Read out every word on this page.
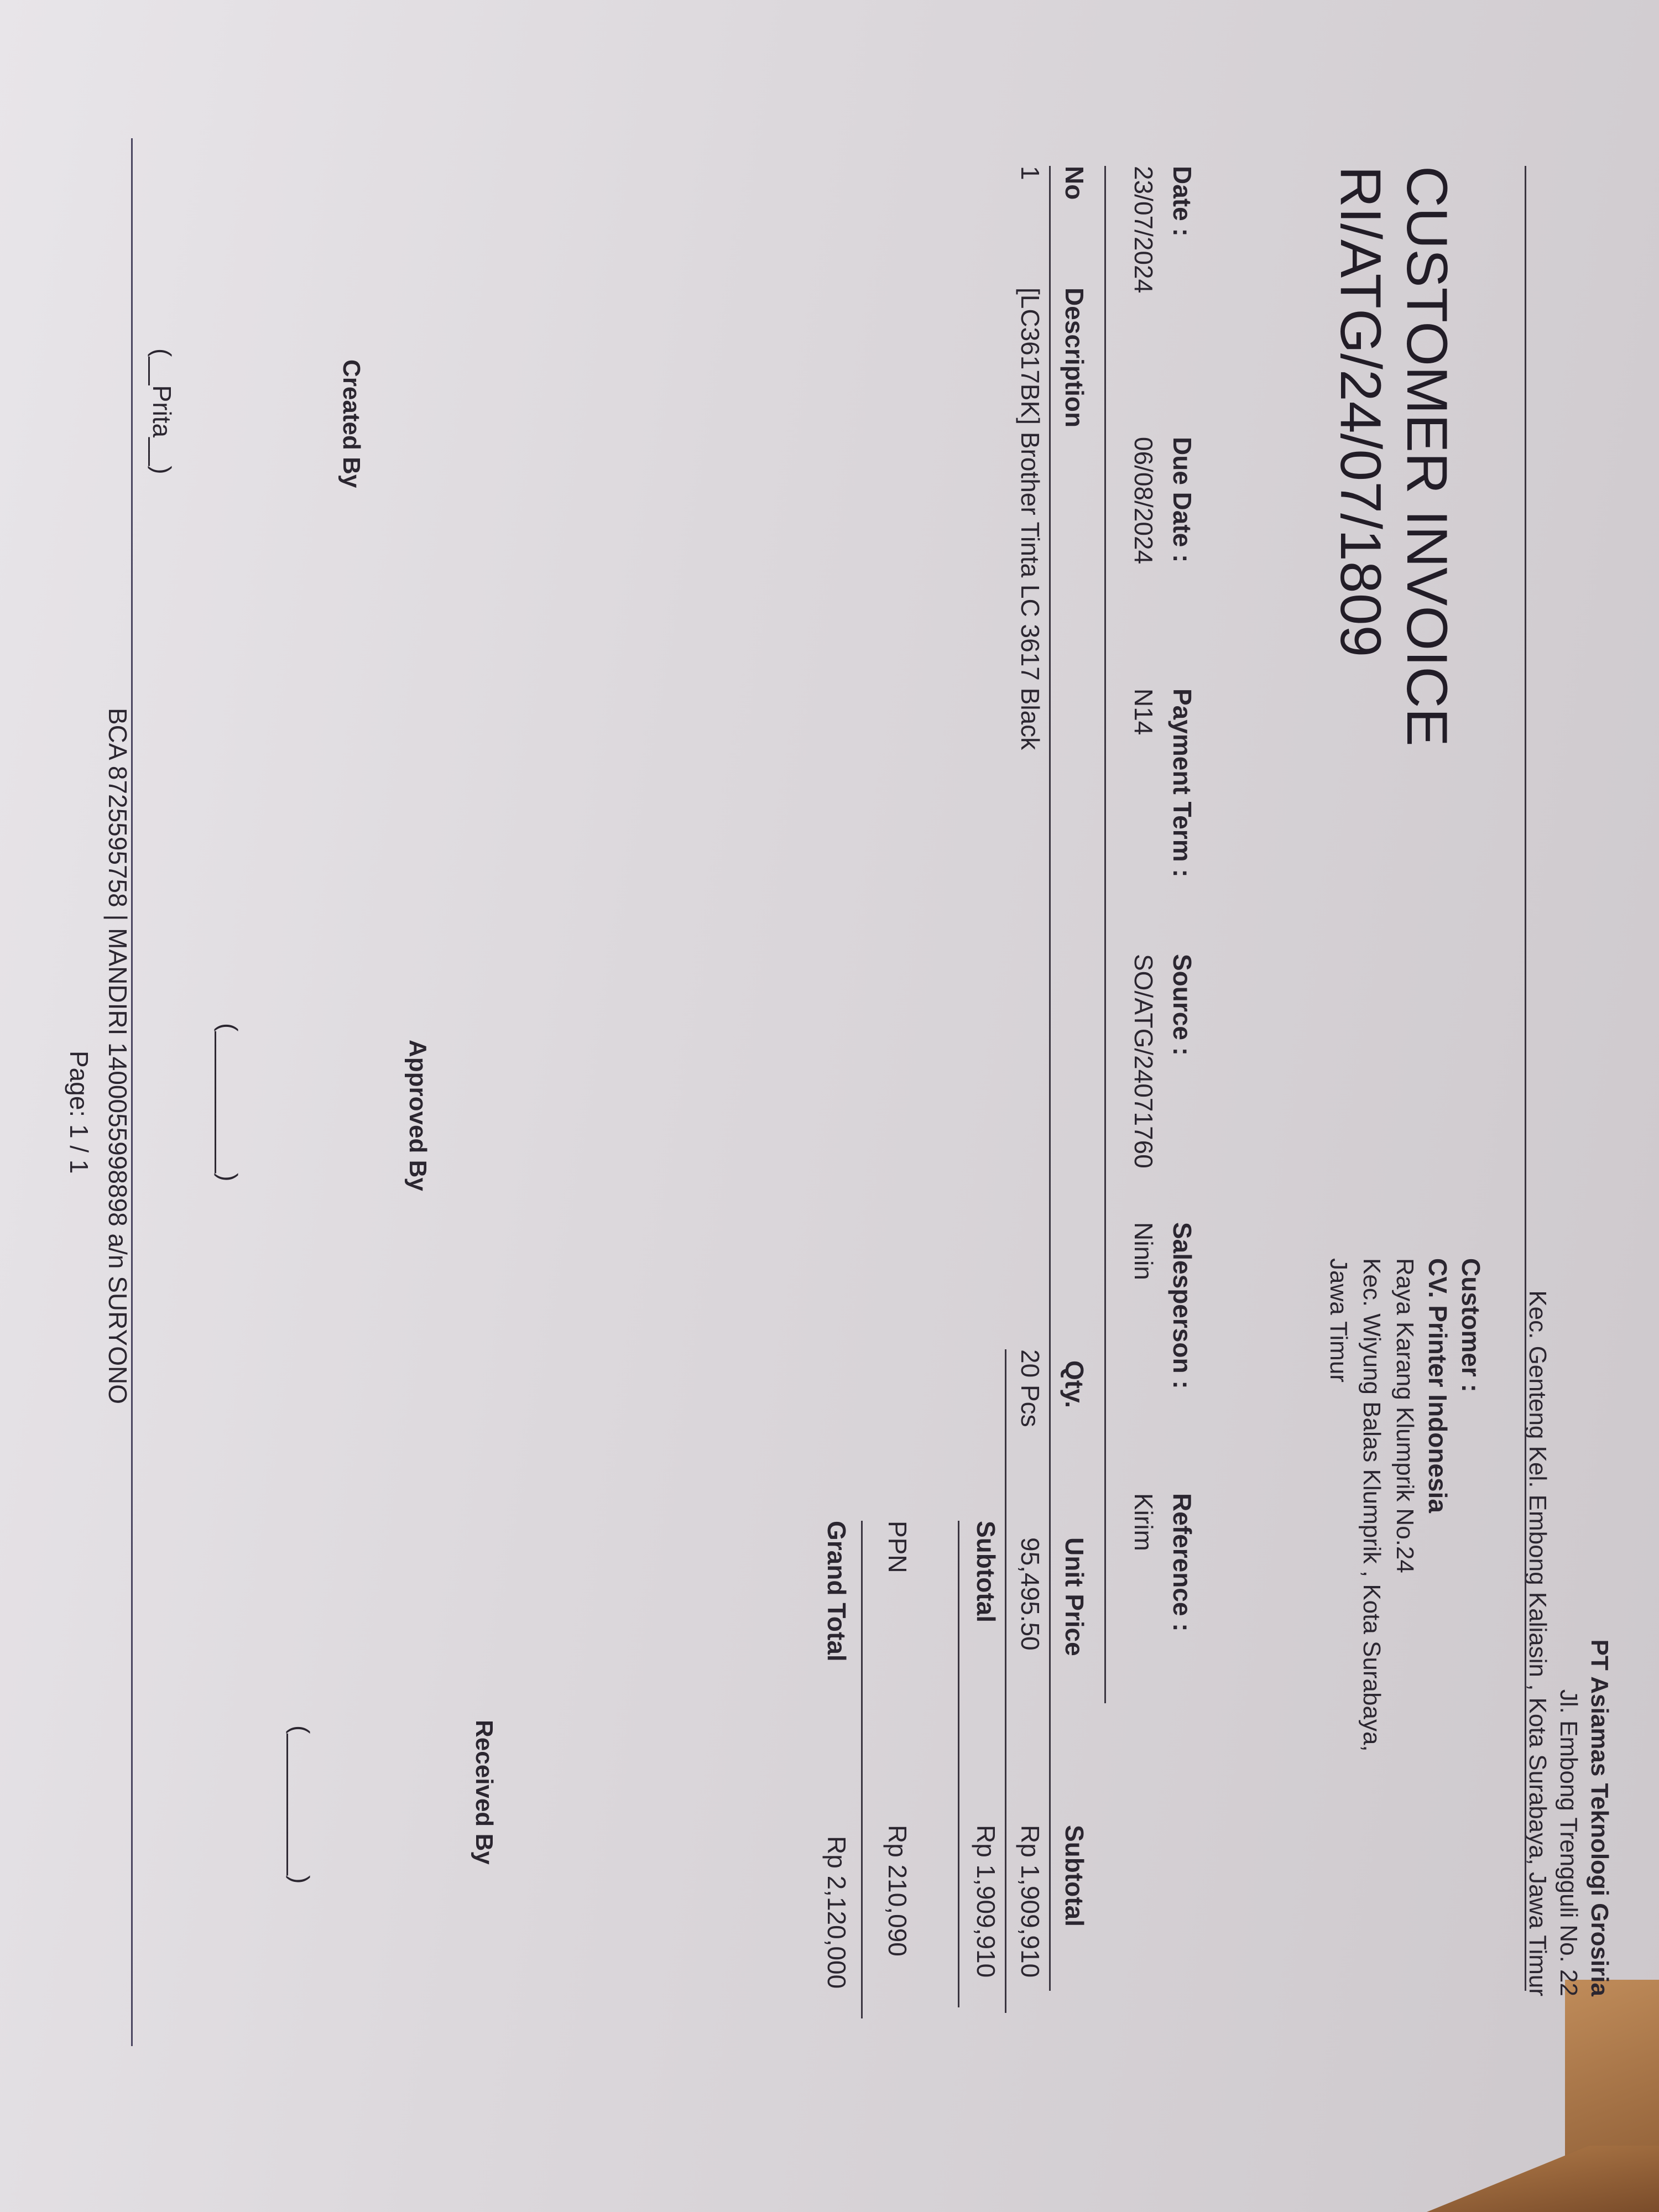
PT Asiamas Teknologi Grosiria
Jl. Embong Trengguli No. 22
Kec. Genteng Kel. Embong Kaliasin , Kota Surabaya, Jawa Timur
Customer :
CV. Printer Indonesia
Raya Karang Klumprik No.24
Kec. Wiyung Balas Klumprik , Kota Surabaya,
Jawa Timur
CUSTOMER INVOICE
RI/ATG/24/07/1809
Date :
23/07/2024
Due Date :
06/08/2024
Payment Term :
N14
Source :
SO/ATG/24071760
Salesperson :
Ninin
Reference :
Kirim
No
Description
Qty.
Unit Price
Subtotal
1
[LC3617BK] Brother Tinta LC 3617 Black
20 Pcs
95,495.50
Rp 1,909,910
Subtotal
Rp 1,909,910
PPN
Rp 210,090
Grand Total
Rp 2,120,000
Created By
Approved By
Received By
(__Prita__)
(__________)
(__________)
BCA 8725595758 | MANDIRI 1400055998898 a/n SURYONO
Page: 1 / 1
